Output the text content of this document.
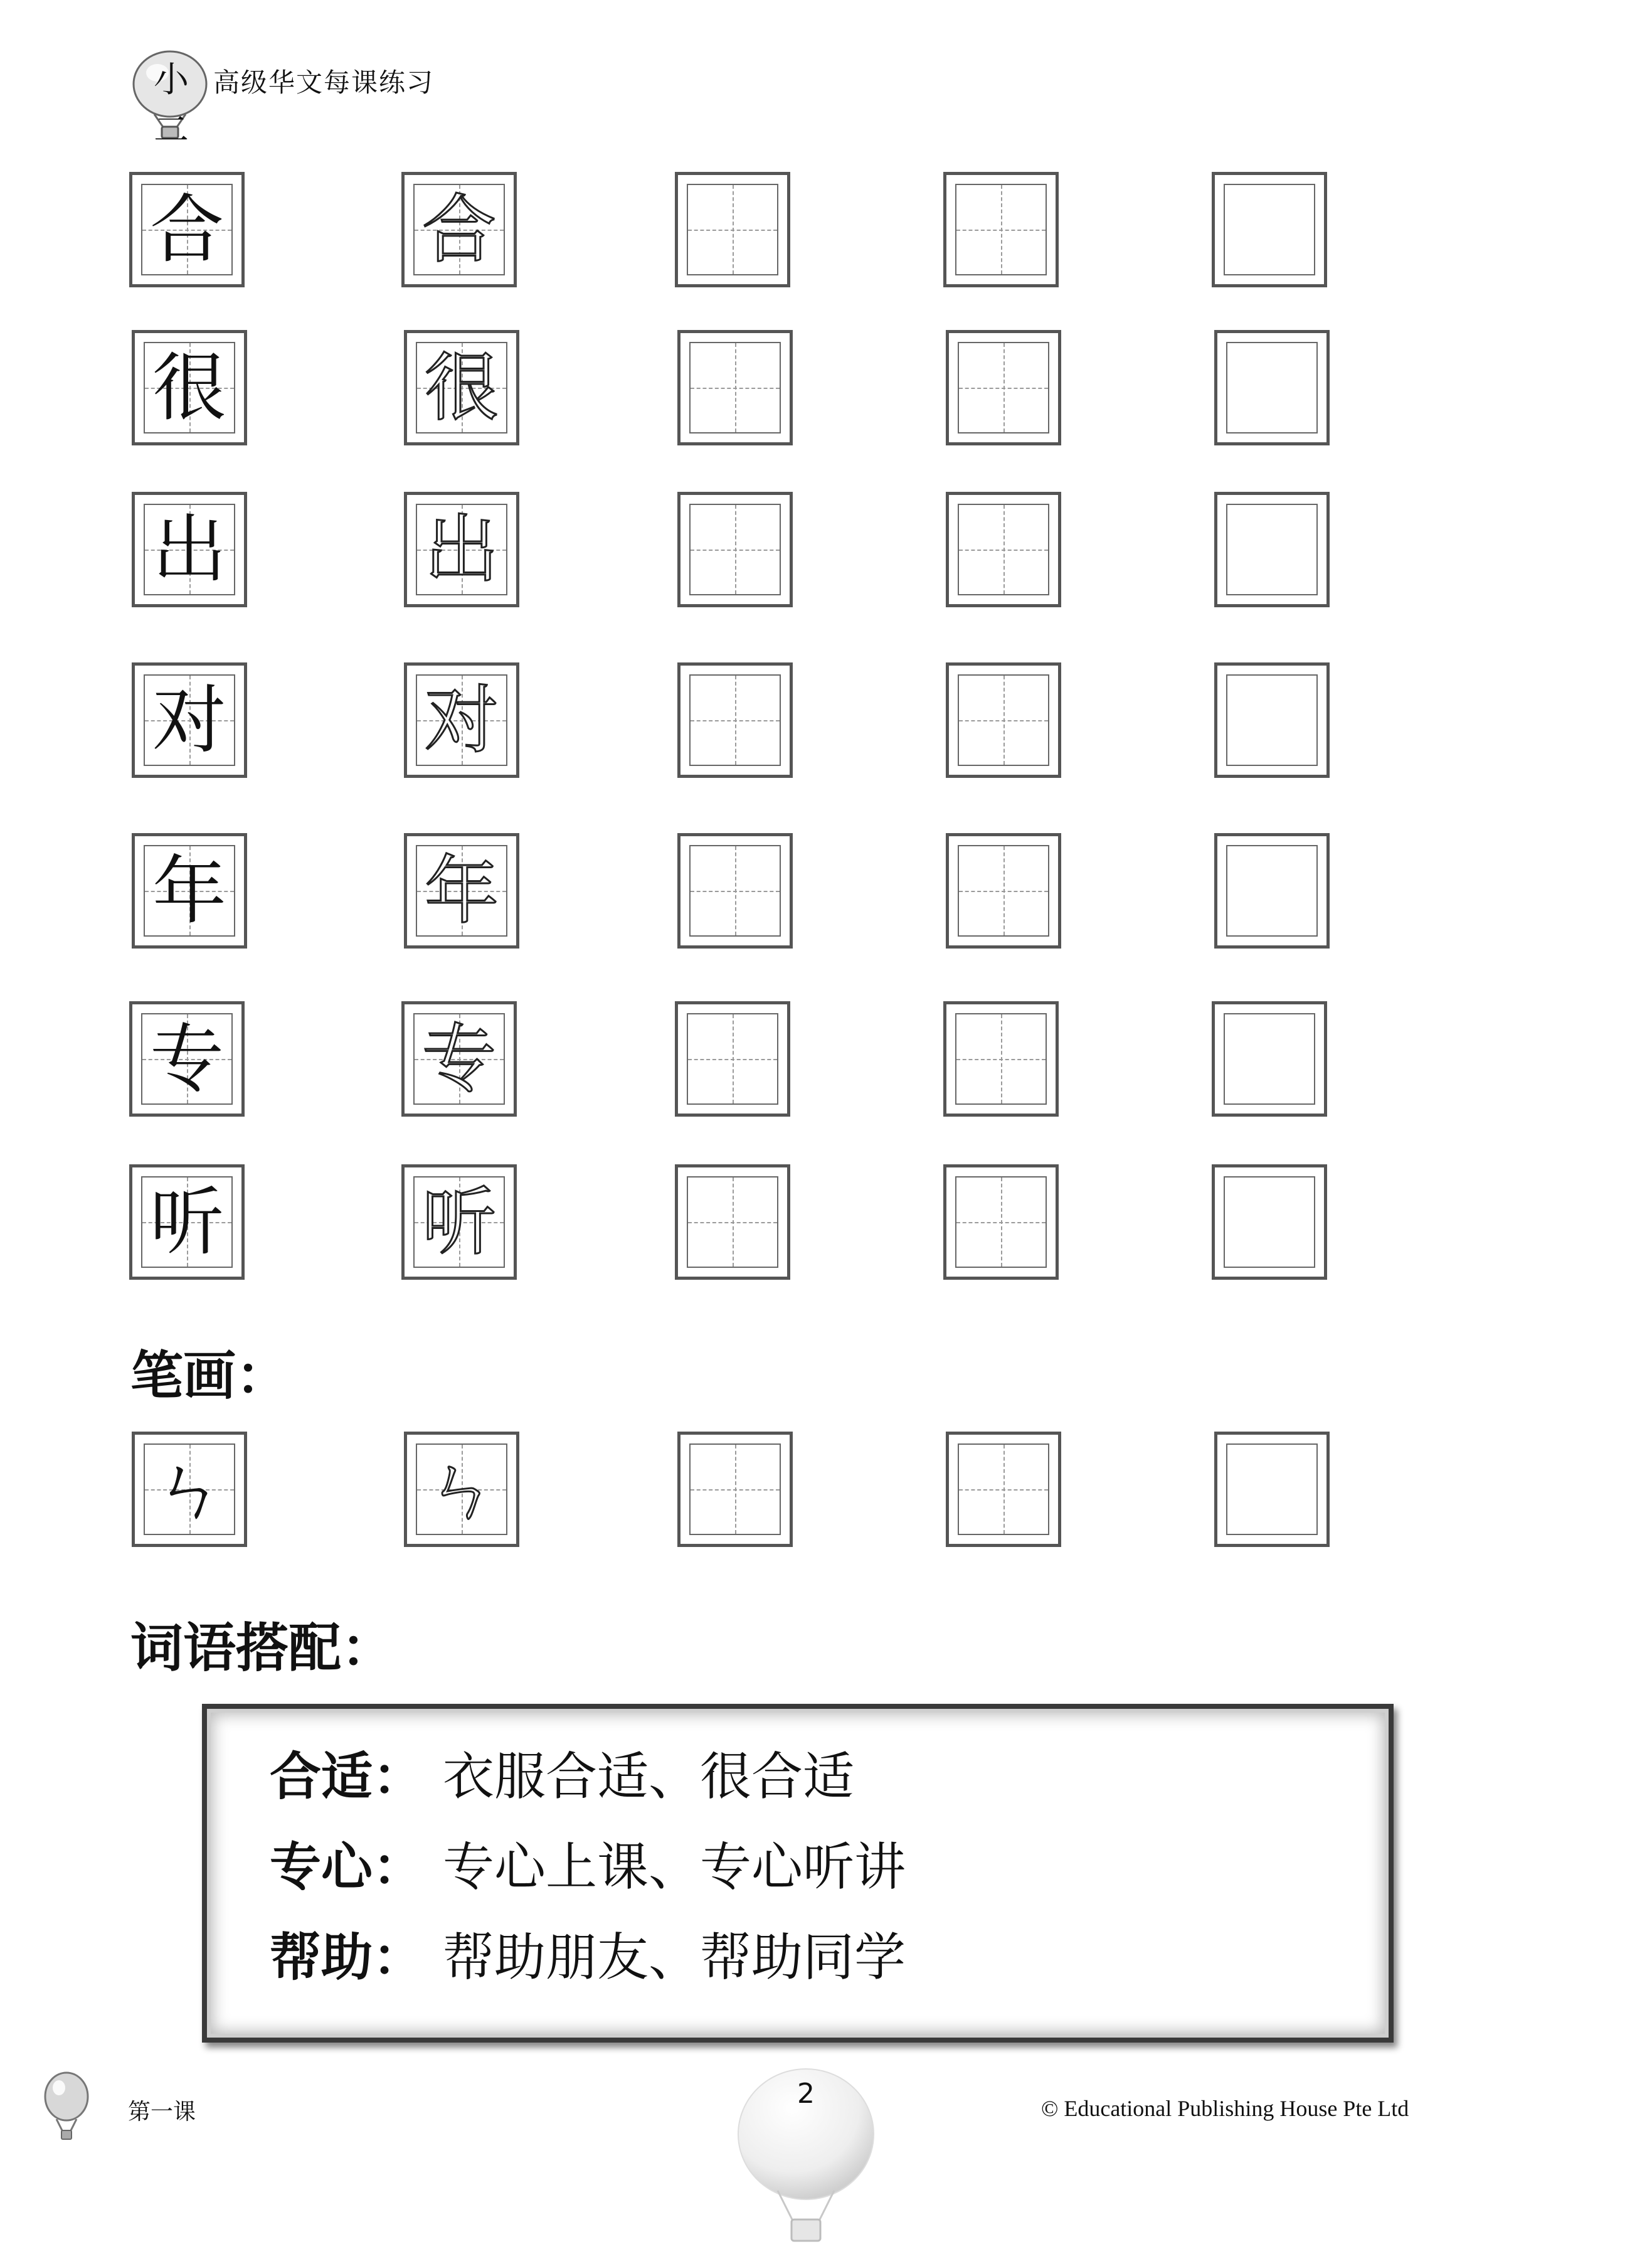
小二
高级华文每课练习
合	合
很	很
出	出
对	对
年	年
专	专
听	听
笔画：
ㄣ	ㄣ
词语搭配：
合适： 衣服合适、很合适
专心： 专心上课、专心听讲
帮助： 帮助朋友、帮助同学
第一课
2	© Educational Publishing House Pte Ltd
